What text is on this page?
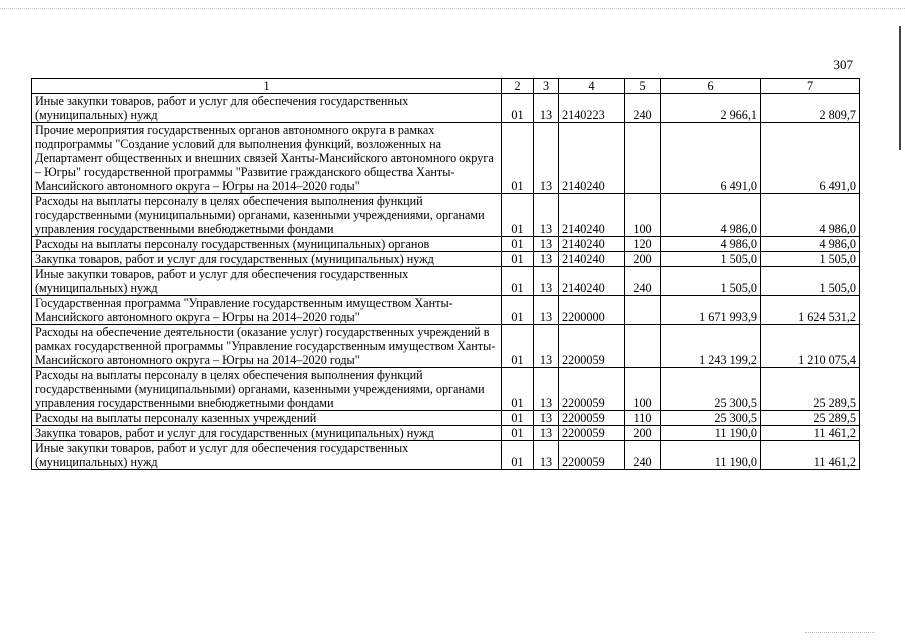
307
1	2	3	4	5	6	7
Иные закупки товаров, работ и услуг для обеспечения государственных (муниципальных) нужд	01	13	2140223	240	2 966,1	2 809,7
Прочие мероприятия государственных органов автономного округа в рамках подпрограммы "Создание условий для выполнения функций, возложенных на Департамент общественных и внешних связей Ханты-Мансийского автономного округа – Югры" государственной программы "Развитие гражданского общества Ханты-Мансийского автономного округа – Югры на 2014–2020 годы"	01	13	2140240		6 491,0	6 491,0
Расходы на выплаты персоналу в целях обеспечения выполнения функций государственными (муниципальными) органами, казенными учреждениями, органами управления государственными внебюджетными фондами	01	13	2140240	100	4 986,0	4 986,0
Расходы на выплаты персоналу государственных (муниципальных) органов	01	13	2140240	120	4 986,0	4 986,0
Закупка товаров, работ и услуг для государственных (муниципальных) нужд	01	13	2140240	200	1 505,0	1 505,0
Иные закупки товаров, работ и услуг для обеспечения государственных (муниципальных) нужд	01	13	2140240	240	1 505,0	1 505,0
Государственная программа "Управление государственным имуществом Ханты-Мансийского автономного округа – Югры на 2014–2020 годы"	01	13	2200000		1 671 993,9	1 624 531,2
Расходы на обеспечение деятельности (оказание услуг) государственных учреждений в рамках государственной программы "Управление государственным имуществом Ханты-Мансийского автономного округа – Югры на 2014–2020 годы"	01	13	2200059		1 243 199,2	1 210 075,4
Расходы на выплаты персоналу в целях обеспечения выполнения функций государственными (муниципальными) органами, казенными учреждениями, органами управления государственными внебюджетными фондами	01	13	2200059	100	25 300,5	25 289,5
Расходы на выплаты персоналу казенных учреждений	01	13	2200059	110	25 300,5	25 289,5
Закупка товаров, работ и услуг для государственных (муниципальных) нужд	01	13	2200059	200	11 190,0	11 461,2
Иные закупки товаров, работ и услуг для обеспечения государственных (муниципальных) нужд	01	13	2200059	240	11 190,0	11 461,2
